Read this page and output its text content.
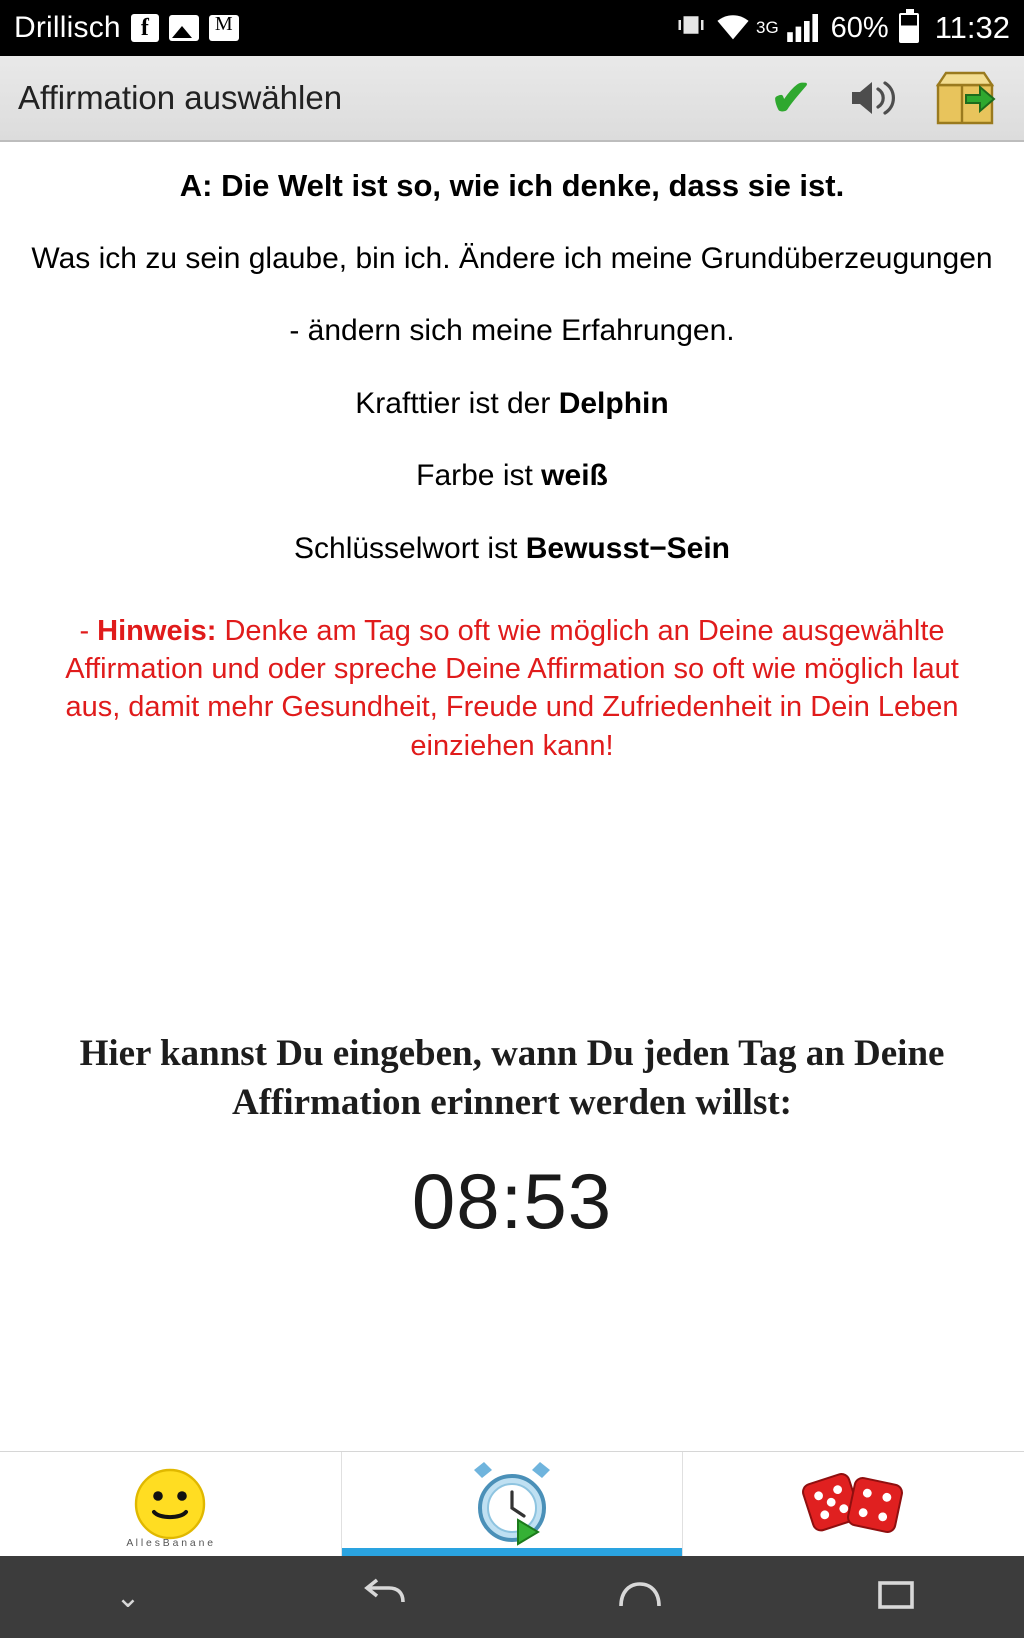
Drillisch f M	3G 60% 11:32
Affirmation auswählen	✔
A: Die Welt ist so, wie ich denke, dass sie ist.
Was ich zu sein glaube, bin ich. Ändere ich meine Grundüberzeugungen
- ändern sich meine Erfahrungen.
Krafttier ist der Delphin
Farbe ist weiß
Schlüsselwort ist Bewusst−Sein
- Hinweis: Denke am Tag so oft wie möglich an Deine ausgewählte Affirmation und oder spreche Deine Affirmation so oft wie möglich laut aus, damit mehr Gesundheit, Freude und Zufriedenheit in Dein Leben einziehen kann!
Hier kannst Du eingeben, wann Du jeden Tag an Deine Affirmation erinnert werden willst:
08:53
" A l l e s B a n a n e "
⌄
